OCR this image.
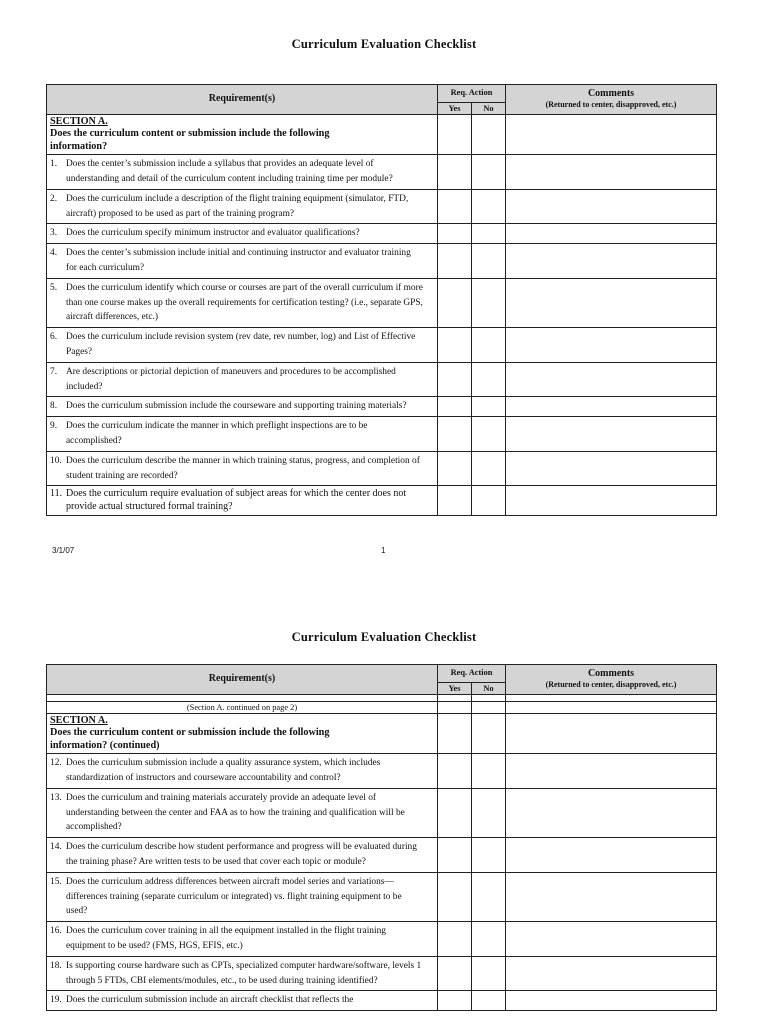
Curriculum Evaluation Checklist
Requirement(s)	Req. Action		Comments
(Returned to center, disapproved, etc.)

	Yes	No	
SECTION A.Does the curriculum content or submission include the following information?			
1. Does the center’s submission include a syllabus that provides an adequate level of understanding and detail of the curriculum content including training time per module?			
2.Does the curriculum include a description of the flight training equipment (simulator, FTD, aircraft) proposed to be used as part of the training program?			
3. Does the curriculum specify minimum instructor and evaluator qualifications?			
4. Does the center’s submission include initial and continuing instructor and evaluator training for each curriculum?			
5. Does the curriculum identify which course or courses are part of the overall curriculum if more than one course makes up the overall requirements for certification testing? (i.e., separate GPS, aircraft differences, etc.)			
6. Does the curriculum include revision system (rev date, rev number, log) and List of Effective Pages?			
7. Are descriptions or pictorial depiction of maneuvers and procedures to be accomplished included?			
8. Does the curriculum submission include the courseware and supporting training materials?			
9. Does the curriculum indicate the manner in which preflight inspections are to be accomplished?			
10. Does the curriculum describe the manner in which training status, progress, and completion of student training are recorded?			
11. Does the curriculum require evaluation of subject areas for which the center does not provide actual structured formal training?			
3/1/07	1
Curriculum Evaluation Checklist
Requirement(s)	Req. Action		Comments
(Returned to center, disapproved, etc.)

	Yes	No	

(Section A. continued on page 2)			
SECTION A.Does the curriculum content or submission include the following information? (continued)			
12. Does the curriculum submission include a quality assurance system, which includes standardization of instructors and courseware accountability and control?			
13. Does the curriculum and training materials accurately provide an adequate level of understanding between the center and FAA as to how the training and qualification will be accomplished?			
14. Does the curriculum describe how student performance and progress will be evaluated during the training phase? Are written tests to be used that cover each topic or module?			
15. Does the curriculum address differences between aircraft model series and variations—differences training (separate curriculum or integrated) vs. flight training equipment to be used?			
16. Does the curriculum cover training in all the equipment installed in the flight training equipment to be used? (FMS, HGS, EFIS, etc.)			
18. Is supporting course hardware such as CPTs, specialized computer hardware/software, levels 1 through 5 FTDs, CBI elements/modules, etc., to be used during training identified?			
19. Does the curriculum submission include an aircraft checklist that reflects the			
